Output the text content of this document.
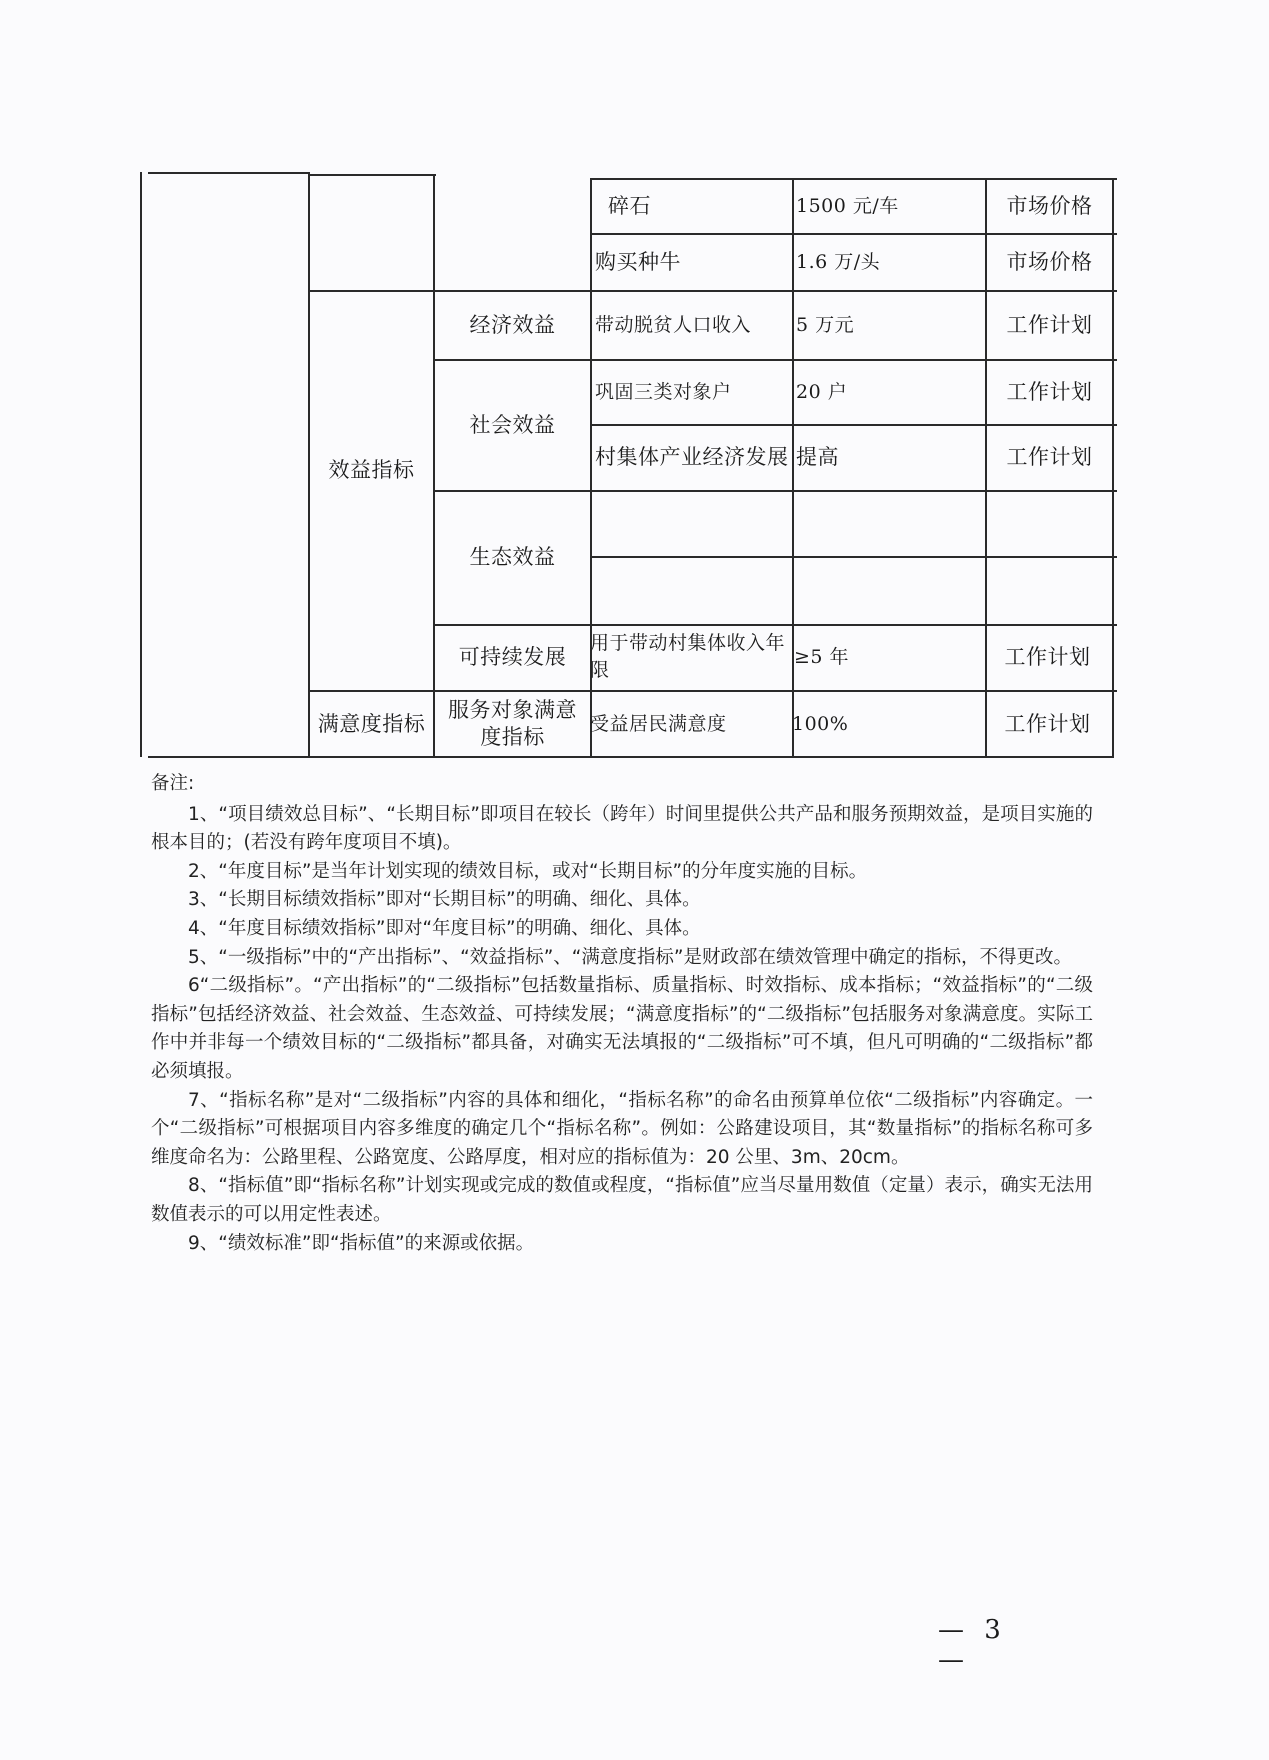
效益指标
满意度指标
经济效益
社会效益
生态效益
可持续发展
服务对象满意度指标
碎石
购买种牛
带动脱贫人口收入
巩固三类对象户
村集体产业经济发展
用于带动村集体收入年限
受益居民满意度
1500 元/车
1.6 万/头
5 万元
20 户
提高
≥5 年
100%
市场价格
市场价格
工作计划
工作计划
工作计划
工作计划
工作计划
备注:

1、“项目绩效总目标”、“长期目标”即项目在较长（跨年）时间里提供公共产品和服务预期效益，是项目实施的根本目的；(若没有跨年度项目不填)。

2、“年度目标”是当年计划实现的绩效目标，或对“长期目标”的分年度实施的目标。

3、“长期目标绩效指标”即对“长期目标”的明确、细化、具体。

4、“年度目标绩效指标”即对“年度目标”的明确、细化、具体。

5、“一级指标”中的“产出指标”、“效益指标”、“满意度指标”是财政部在绩效管理中确定的指标，不得更改。

6“二级指标”。“产出指标”的“二级指标”包括数量指标、质量指标、时效指标、成本指标；“效益指标”的“二级指标”包括经济效益、社会效益、生态效益、可持续发展；“满意度指标”的“二级指标”包括服务对象满意度。实际工作中并非每一个绩效目标的“二级指标”都具备，对确实无法填报的“二级指标”可不填，但凡可明确的“二级指标”都必须填报。

7、“指标名称”是对“二级指标”内容的具体和细化，“指标名称”的命名由预算单位依“二级指标”内容确定。一个“二级指标”可根据项目内容多维度的确定几个“指标名称”。例如：公路建设项目，其“数量指标”的指标名称可多维度命名为：公路里程、公路宽度、公路厚度，相对应的指标值为：20 公里、3m、20cm。

8、“指标值”即“指标名称”计划实现或完成的数值或程度，“指标值”应当尽量用数值（定量）表示，确实无法用数值表示的可以用定性表述。

9、“绩效标准”即“指标值”的来源或依据。

— 3 —
